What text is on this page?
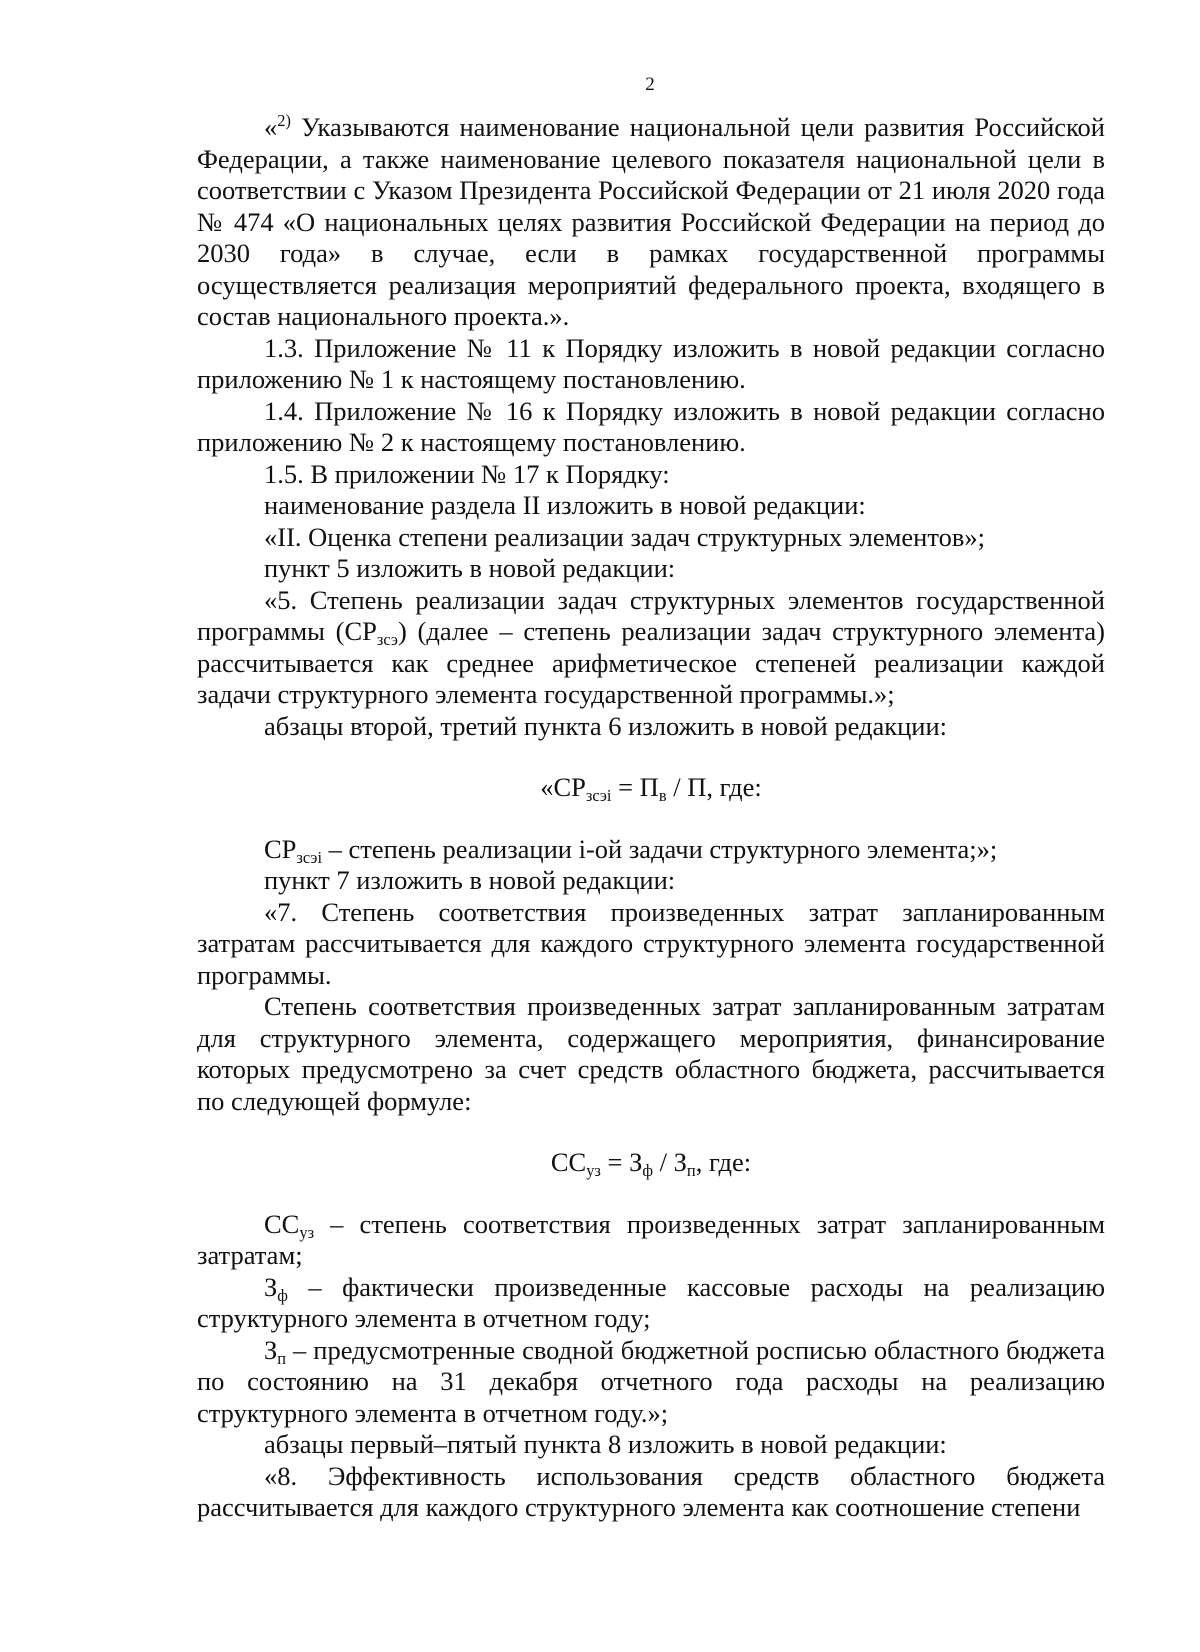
2

«$^{2)}$ Указываются наименование национальной цели развития Российской Федерации, а также наименование целевого показателя национальной цели в соответствии с Указом Президента Российской Федерации от 21 июля 2020 года № 474 «О национальных целях развития Российской Федерации на период до 2030 года» в случае, если в рамках государственной программы осуществляется реализация мероприятий федерального проекта, входящего в состав национального проекта.».

1.3. Приложение № 11 к Порядку изложить в новой редакции согласно приложению № 1 к настоящему постановлению.

1.4. Приложение № 16 к Порядку изложить в новой редакции согласно приложению № 2 к настоящему постановлению.

1.5. В приложении № 17 к Порядку:

наименование раздела II изложить в новой редакции:

«II. Оценка степени реализации задач структурных элементов»;

пункт 5 изложить в новой редакции:

«5. Степень реализации задач структурных элементов государственной программы $(СР_{зсэ})$ (далее – степень реализации задач структурного элемента) рассчитывается как среднее арифметическое степеней реализации каждой задачи структурного элемента государственной программы.»;

абзацы второй, третий пункта 6 изложить в новой редакции:

«$СР_{зсэi} = П_в / П$, где:

$СР_{зсэi}$ – степень реализации i-ой задачи структурного элемента;»;

пункт 7 изложить в новой редакции:

«7. Степень соответствия произведенных затрат запланированным затратам рассчитывается для каждого структурного элемента государственной программы.

Степень соответствия произведенных затрат запланированным затратам для структурного элемента, содержащего мероприятия, финансирование которых предусмотрено за счет средств областного бюджета, рассчитывается по следующей формуле:

$СС_{уз} = З_ф / З_п$, где:

$СС_{уз}$ – степень соответствия произведенных затрат запланированным затратам;

$З_ф$ – фактически произведенные кассовые расходы на реализацию структурного элемента в отчетном году;

$З_п$ – предусмотренные сводной бюджетной росписью областного бюджета по состоянию на 31 декабря отчетного года расходы на реализацию структурного элемента в отчетном году.»;

абзацы первый–пятый пункта 8 изложить в новой редакции:

«8. Эффективность использования средств областного бюджета рассчитывается для каждого структурного элемента как соотношение степени
